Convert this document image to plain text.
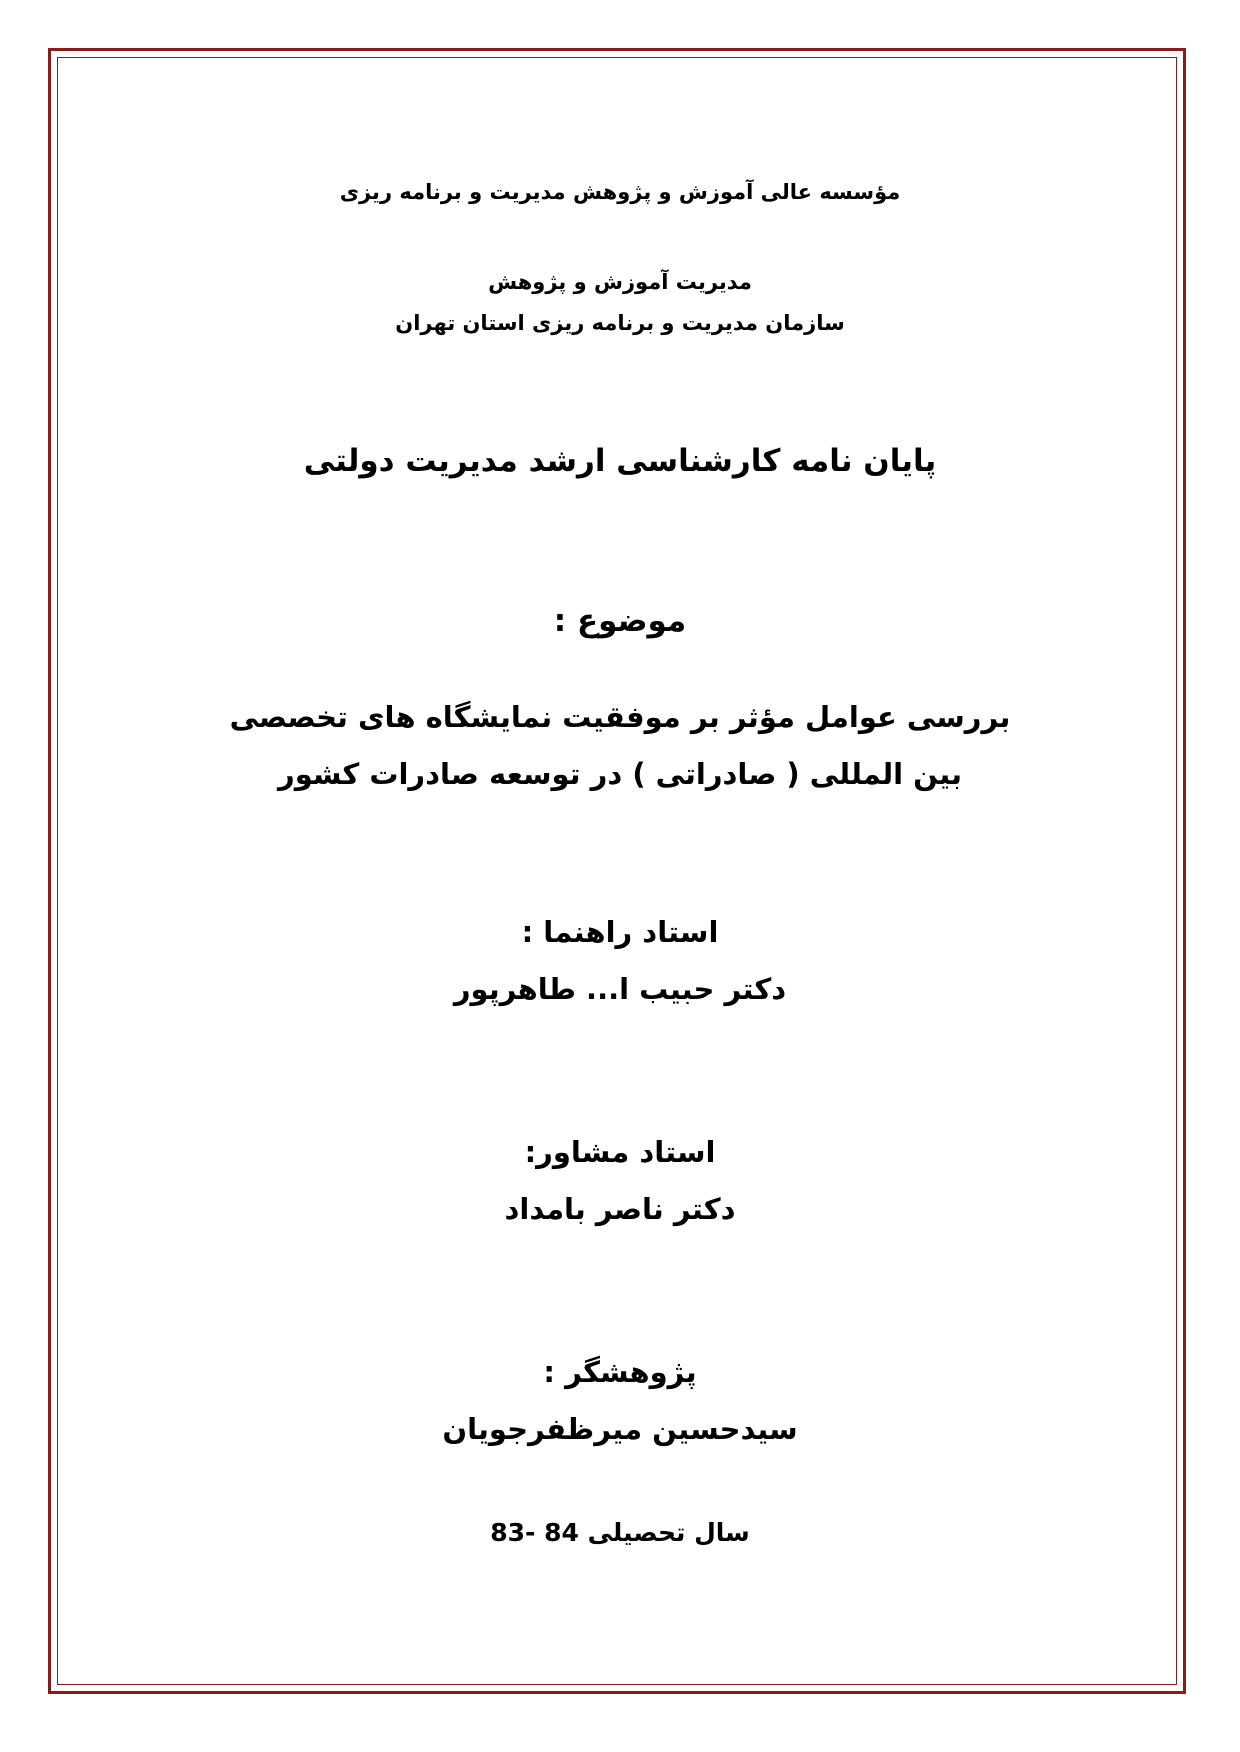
مؤسسه عالی آموزش و پژوهش مدیریت و برنامه ریزی
مدیریت آموزش و پژوهش
سازمان مدیریت و برنامه ریزی استان تهران
پایان نامه کارشناسی ارشد مدیریت دولتی
موضوع :
بررسی عوامل مؤثر بر موفقیت نمایشگاه های تخصصی
بین المللی ( صادراتی ) در توسعه صادرات کشور
استاد راهنما :
دکتر حبیب ا... طاهرپور
استاد مشاور:
دکتر ناصر بامداد
پژوهشگر :
سیدحسین میرظفرجویان
سال تحصیلی 84 -83
